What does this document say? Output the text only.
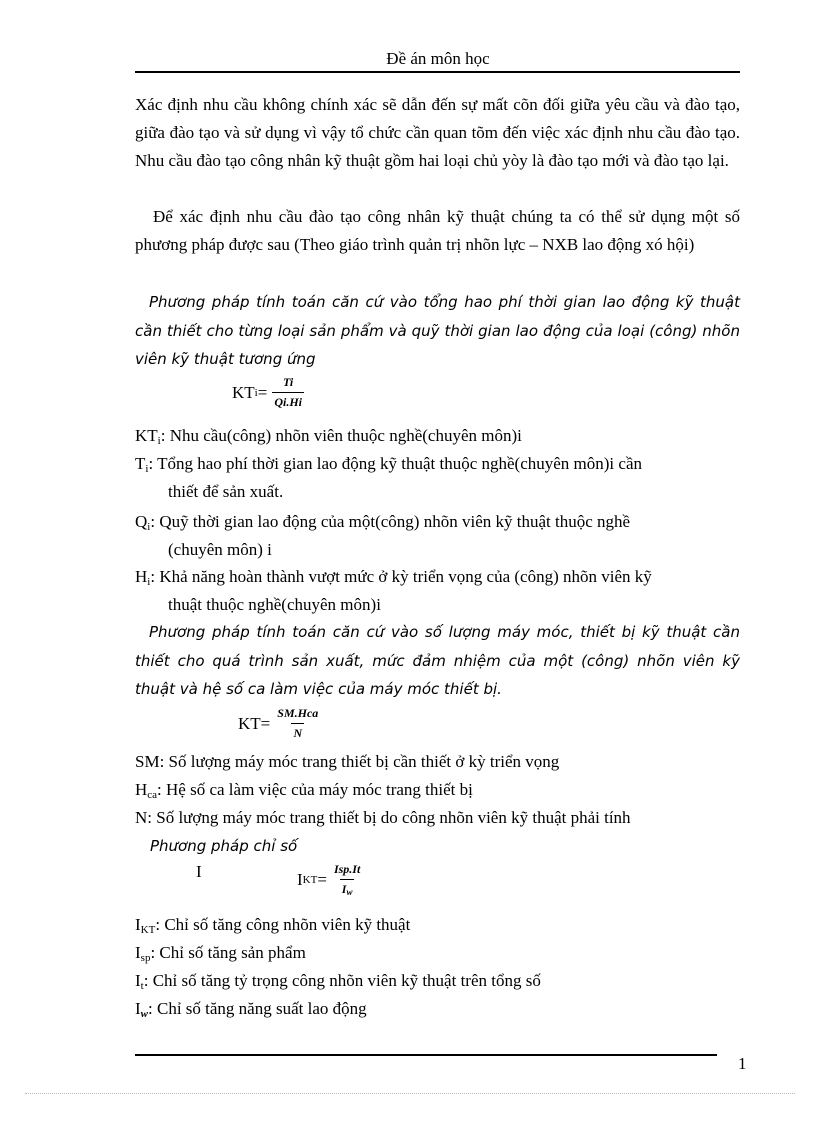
Đề án môn học
Xác định nhu cầu không chính xác sẽ dẫn đến sự mất cõn đối giữa yêu cầu và đào tạo, giữa đào tạo và sử dụng vì vậy tổ chức cần quan tõm đến việc xác định nhu cầu đào tạo. Nhu cầu đào tạo công nhân kỹ thuật gồm hai loại chủ yòy là đào tạo mới và đào tạo lại.
Để xác định nhu cầu đào tạo công nhân kỹ thuật chúng ta có thể sử dụng một số phương pháp được sau (Theo giáo trình quản trị nhõn lực – NXB lao động xó hội)
Phương pháp tính toán căn cứ vào tổng hao phí thời gian lao động kỹ thuật cần thiết cho từng loại sản phẩm và quỹ thời gian lao động của loại (công) nhõn viên kỹ thuật tương ứng
KT $i = \frac{Ti}{Qi.Hi}$
$KT_i$: Nhu cầu(công) nhõn viên thuộc nghề(chuyên môn)i
$T_i$: Tổng hao phí thời gian lao động kỹ thuật thuộc nghề(chuyên môn)i cần
thiết để sản xuất.
$Q_i$: Quỹ thời gian lao động của một(công) nhõn viên kỹ thuật thuộc nghề
(chuyên môn) i
$H_i$: Khả năng hoàn thành vượt mức ở kỳ triển vọng của (công) nhõn viên kỹ
thuật thuộc nghề(chuyên môn)i
Phương pháp tính toán căn cứ vào số lượng máy móc, thiết bị kỹ thuật cần thiết cho quá trình sản xuất, mức đảm nhiệm của một (công) nhõn viên kỹ thuật và hệ số ca làm việc của máy móc thiết bị.
KT = $\frac{\text{SM.Hca}}{N}$
SM: Số lượng máy móc trang thiết bị cần thiết ở kỳ triển vọng
$H_{ca}$: Hệ số ca làm việc của máy móc trang thiết bị
N: Số lượng máy móc trang thiết bị do công nhõn viên kỹ thuật phải tính
Phương pháp chỉ số
I	I KT = $\frac{\text{Isp.It}}{I_w}$
$I_{KT}$: Chỉ số tăng công nhõn viên kỹ thuật
$I_{sp}$: Chỉ số tăng sản phẩm
$I_t$: Chỉ số tăng tỷ trọng công nhõn viên kỹ thuật trên tổng số
$I_w$: Chỉ số tăng năng suất lao động
1
